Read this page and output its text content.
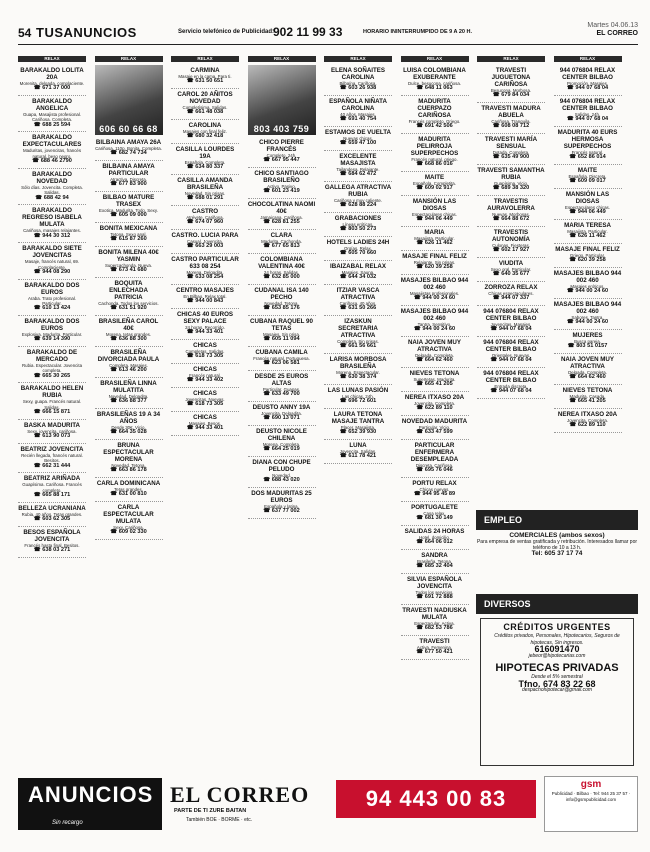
54 TUSANUNCIOS	Servicio telefónico de Publicidad:
902 11 99 33	HORARIO ININTERRUMPIDO DE 9 A 20 H.
Martes 04.06.13
EL CORREO
RELAX
BARAKALDO LOLITA 20A
Morenita, delgada, complaciente.
☎ 671 37 000
BARAKALDO ANGELICA
Guapa, Masajista profesional. Cariñosa. Completa.
☎ 688 25 594
BARAKALDO EXPECTACULARES
Maduritas, jovencitas, francés natural, beso negro.
☎ 688 46 2790
BARAKALDO NOVEDAD
Sólo días. Jovencita. Completa. Salidas.
☎ 688 42 94
BARAKALDO REGRESO ISABELA MULATA
Cariñosa, masajes relajantes.
☎ 944 30 312
BARAKALDO SIETE JOVENCITAS
Masaje, francés natural, 69. Complaciente.
☎ 944 08 290
BARAKALDO DOS EUROS
Araba. Trato profesional. Particular.
☎ 610 13 424
BARAKALDO DOS EUROS
Explosiva. Madurita. Particular.
☎ 639 14 390
BARAKALDO DE MERCADO
Rubia. Espectacular. Jovencita completa.
☎ 665 30 265
BARAKALDO HELEN RUBIA
Sexy, guapa. Francés natural. Salidas.
☎ 666 15 871
BASKA MADURITA
Sexy, jovencita, cariñosa.
☎ 613 90 073
BEATRIZ JOVENCITA
Recién llegada, francés natural. Besitos.
☎ 662 31 444
BEATRIZ ARIÑADA
Guapísima. Cariñosa. Francés completo.
☎ 665 88 171
BELLEZA UCRANIANA
Rubia, 40 años. Tetas grandes.
☎ 603 62 305
BESOS ESPAÑOLA JOVENCITA
Francés hasta final. Besitos.
☎ 638 03 271
RELAX
606 60 66 68
BILBAINA AMAYA 26A
Cariñosa, 110p. Bonita. Completa.
☎ 682 74 734
BILBAINA AMAYA PARTICULAR
Atractiva. Discreta.
☎ 677 83 900
BILBAO MATURE TRASEX
Exotica. Madurita. Todo. Sexy.
☎ 605 09 000
BONITA MEXICANA
Tetona. Sexo anal.
☎ 615 87 260
BONITA MILENA 40€ YASMIN
Supercachonda. Nueva.
☎ 673 41 680
BOQUITA ENLECHADA PATRICIA
Cachonda. Todos los servicios.
☎ 631 51 920
BRASILEÑA CAROL 40€
Morena, tetas grandes.
☎ 636 88 300
BRASILEÑA DIVORCIADA PAULA
Completa. Masajes.
☎ 613 46 200
BRASILEÑA LINNA MULATITA
Novedad. Delgadita.
☎ 636 88 377
BRASILEÑAS 19 A 34 AÑOS
Desde 30€. Vicio.
☎ 664 35 028
BRUNA ESPECTACULAR MORENA
Novedad. Tetona.
☎ 663 86 178
CARLA DOMINICANA
Tetas grandes.
☎ 631 00 810
CARLA ESPECTACULAR MULATA
Sexy. Cariñosa.
☎ 609 02 330
RELAX
CARMINA
Masaje en la cama. Para ti.
☎ 631 50 651
CAROL 20 AÑITOS NOVEDAD
Completísima. Salidas.
☎ 661 48 038
CAROLINA
Masajes con final feliz.
☎ 680 32 418
CASILLA LOURDES 19A
Española. Completa.
☎ 634 80 337
CASILLA AMANDA BRASILEÑA
Novedad. Sin prisas.
☎ 688 01 291
CASTRO
Atrévete. Cariñosa.
☎ 674 07 960
CASTRO. LUCIA PARA
Casual. Jovencita.
☎ 663 29 003
CASTRO PARTICULAR 633 08 254
Morena. Delgadita.
☎ 633 08 254
CENTRO MASAJES
En Bilbao. Relax total.
☎ 944 00 843
CHICAS 40 EUROS SEXY PALACE
24 horas. Recorrido.
☎ 944 33 401
CHICAS
Completas. Salidas.
☎ 618 73 305
CHICAS
Francés natural.
☎ 944 33 402
CHICAS
Jovencitas. Nuevas.
☎ 618 73 305
CHICAS
Masajes. Besos.
☎ 944 33 401
RELAX
803 403 759
CHICO PIERRE FRANCÉS
Completo. 24h.
☎ 667 95 447
CHICO SANTIAGO BRASILEÑO
Activo. Pasivo.
☎ 601 23 419
CHOCOLATINA NAOMI 40€
Jamaicana. Cariñosa.
☎ 628 81 255
CLARA
Madurita. Cachonda.
☎ 677 65 813
COLOMBIANA VALENTINA 40€
24 horas. Salidas.
☎ 632 85 000
CUDANAL ISA 140 PECHO
Novedad. Tetona.
☎ 653 85 176
CUBANA RAQUEL 90 TETAS
Masajes. Sin prisa.
☎ 605 11 094
CUBANA CAMILA
Francés natural. Portuguesa.
☎ 623 06 581
DESDE 25 EUROS ALTAS
Particular. Guapas.
☎ 633 49 700
DEUSTO ANNY 19A
Jovencita. Delgadita.
☎ 690 13 071
DEUSTO NICOLE CHILENA
Morena. Completa.
☎ 664 25 019
DIANA CON CHUPE PELUDO
Novedad.
☎ 688 43 020
DOS MADURITAS 25 EUROS
Española y latina.
☎ 637 77 002
RELAX
ELENA SOÑAITES CAROLINA
Bilbaína. Cariñosa.
☎ 603 26 938
ESPAÑOLA NIÑATA CAROLINA
40 años. Masajes.
☎ 691 40 754
ESTAMOS DE VUELTA
Nuevas chicas.
☎ 659 47 100
EXCELENTE MASAJISTA
Tailandesa. Relajante.
☎ 684 62 472
GALLEGA ATRACTIVA RUBIA
Cariñosa y muy caliente.
☎ 628 88 224
GRABACIONES
Líneas eróticas.
☎ 803 50 273
HOTELS LADIES 24H
Orgías. Relax.
☎ 605 70 660
IBAIZABAL RELAX
Masajes. Sauna.
☎ 644 34 032
ITZIAR VASCA ATRACTIVA
Cariñosa. 40 años.
☎ 631 50 266
IZASKUN SECRETARIA ATRACTIVA
Completa. Sin prisas.
☎ 661 56 661
LARISA MORBOSA BRASILEÑA
Morena. Espectacular.
☎ 630 38 374
LAS LUNAS PASIÓN
Las chicas. 24h.
☎ 696 72 601
LAURA TETONA MASAJE TANTRA
Placer. Masajista.
☎ 652 39 930
LUNA
Jovencita. Salidas.
☎ 611 78 421
RELAX
LUISA COLOMBIANA EXUBERANTE
Dulce, besucona, cariñosa.
☎ 648 11 063
MADURITA CUERPAZO CARIÑOSA
Francés completo. Griego.
☎ 691 42 506
MADURITA PELIRROJA SUPERPECHOS
Francés natural, griego.
☎ 668 86 016
MAITE
Española. Completita.
☎ 609 02 917
MANSIÓN LAS DIOSAS
Espectaculares chicas.
☎ 944 06 449
MARIA
Masajista. Particular.
☎ 626 11 462
MASAJE FINAL FELIZ
Relajante. Sin prisas.
☎ 620 39 258
MASAJES BILBAO 944 002 460
Masajistas profesionales.
☎ 944 00 24 60
MASAJES BILBAO 944 002 460
Tantra. Sensitivo.
☎ 944 00 24 60
NAIA JOVEN MUY ATRACTIVA
Delgada. Completa.
☎ 664 62 460
NIEVES TETONA
Supertetas. Madurita.
☎ 665 41 205
NEREA ITXASO 20A
Jovencita. Completa.
☎ 622 89 110
NOVEDAD MADURITA
Particular. Vicio.
☎ 633 47 599
PARTICULAR ENFERMERA DESEMPLEADA
Discreta. Cariñosa.
☎ 695 76 046
PORTU RELAX
Chicas nuevas.
☎ 944 95 45 89
PORTUGALETE
Casa relax.
☎ 681 30 149
SALIDAS 24 HORAS
Hotel, domicilio.
☎ 664 06 012
SANDRA
Brasileña. Tetona.
☎ 685 32 404
SILVIA ESPAÑOLA JOVENCITA
Todos los servicios.
☎ 691 72 888
TRAVESTI NADIUSKA MULATA
Espectacular. Activa.
☎ 682 53 786
TRAVESTI
Activa. Femenina.
☎ 677 50 421
RELAX
TRAVESTI JUGUETONA CARIÑOSA
Besucona. Morbosa.
☎ 679 84 034
TRAVESTI MADURA ABUELA
Cariñosa. Tranquila.
☎ 608 08 712
TRAVESTI MARÍA SENSUAL
Dotada. Completa.
☎ 635 49 900
TRAVESTI SAMANTHA RUBIA
Guapísima. Vicio.
☎ 689 38 320
TRAVESTIS AURAVOLERRA
Nuevas. Morbosas.
☎ 664 88 672
TRAVESTIS AUTONOMÍA
Culonas. Fiesteras.
☎ 602 17 927
VIUDITA
Sexo oral. Particular.
☎ 640 35 677
ZORROZA RELAX
Chicas espectaculares.
☎ 944 07 337
944 076804 RELAX CENTER BILBAO
Jovencitas. Masajes.
☎ 944 07 68 04
944 076804 RELAX CENTER BILBAO
Orientales. Nuevas.
☎ 944 07 68 04
944 076804 RELAX CENTER BILBAO
Entrada discreta.
☎ 944 07 68 04
RELAX
944 076804 RELAX CENTER BILBAO
Promoción. Masajes.
☎ 944 07 68 04
944 076804 RELAX CENTER BILBAO
Salidas. 24h.
☎ 944 07 68 04
MADURITA 40 EURS HERMOSA SUPERPECHOS
Francés natural.
☎ 652 86 014
MAITE
Española. Discreta.
☎ 609 09 017
MANSIÓN LAS DIOSAS
Espectaculares chicas.
☎ 944 06 449
MARIA TERESA
Masajista. Particular.
☎ 626 11 462
MASAJE FINAL FELIZ
Griego. Particular.
☎ 620 39 258
MASAJES BILBAO 944 002 460
Masajes eróticos.
☎ 944 00 24 60
MASAJES BILBAO 944 002 460
Sabores. Tantra.
☎ 944 00 24 60
MUJERES
Busca pareja.
☎ 803 51 0157
NAIA JOVEN MUY ATRACTIVA
Delgada. Completa.
☎ 664 62 460
NIEVES TETONA
Madurita. Casada.
☎ 665 41 205
NEREA ITXASO 20A
Jovencita. Completa.
☎ 622 89 110
EMPLEO
COMERCIALES (ambos sexos)
Para empresa de ventas gratificada y retribución. Interesados llamar por teléfono de 10 a 13 h.
Tel: 605 37 17 74
DIVERSOS
CRÉDITOS URGENTES
Créditos privados, Personales, Hipotecarios, Seguros de hipotecas, Sin ingresos.
616091470
jebeor@hipotecarias.com
HIPOTECAS PRIVADAS
Desde el 5% semestral
Tfno. 674 83 22 68
despachohipotecar@gmail.com
ANUNCIOS
Sin recargo
EL CORREO
PARTE DE TI ZURE BAITAN
También BOE · BORME · etc.
94 443 00 83
gsm
Publicidad · Bilbao · Tel: 944 25 37 57 · info@gsmpublicidad.com
